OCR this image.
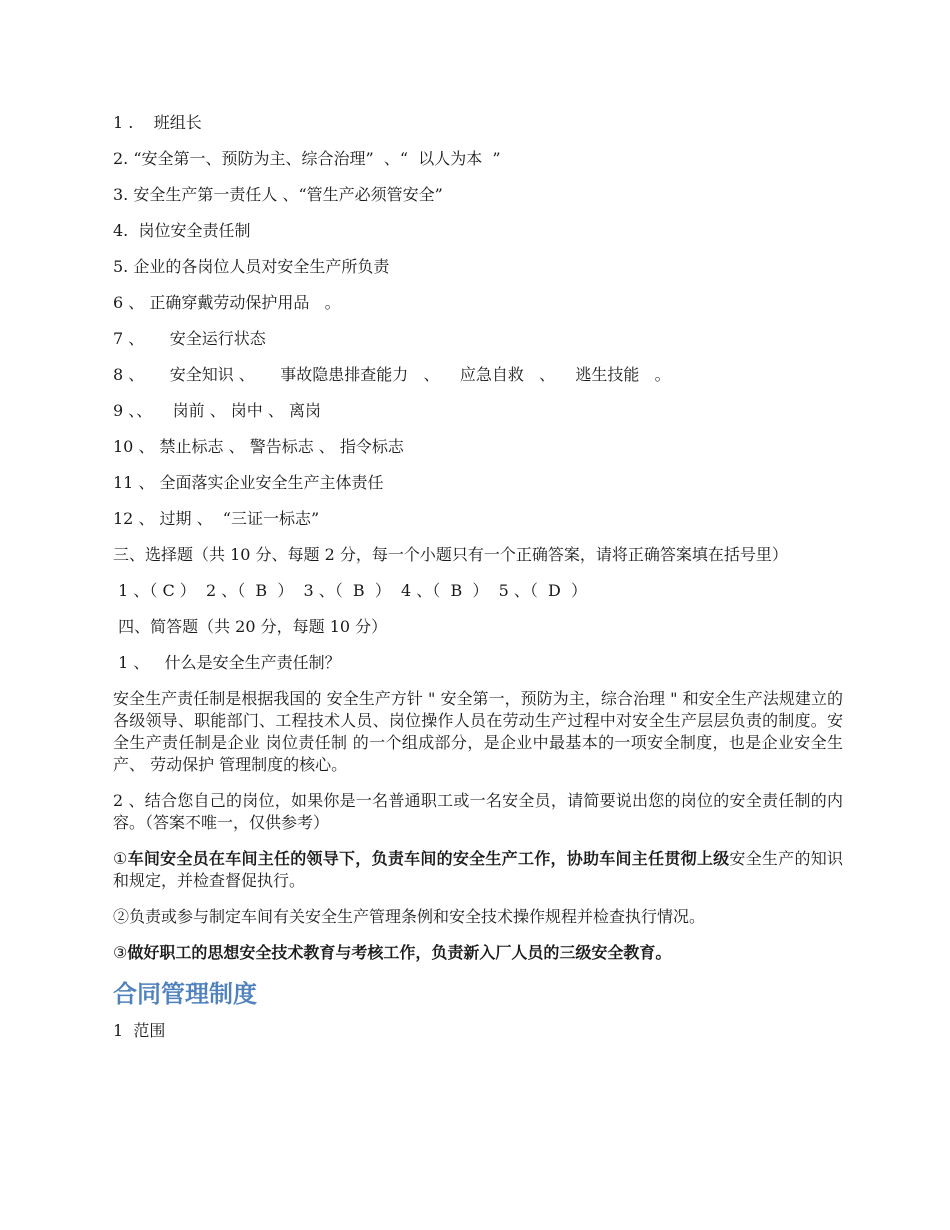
1 .    班组长
2. “安全第一、预防为主、综合治理”  、“  以人为本  ”
3. 安全生产第一责任人 、“管生产必须管安全”
4.  岗位安全责任制
5. 企业的各岗位人员对安全生产所负责
6 、 正确穿戴劳动保护用品   。
7 、     安全运行状态
8 、     安全知识 、     事故隐患排查能力   、    应急自救   、    逃生技能   。
9 、、    岗前 、 岗中 、 离岗
10 、 禁止标志 、 警告标志 、 指令标志
11 、 全面落实企业安全生产主体责任
12 、 过期 、  “三证一标志”
三、选择题（共 10 分、每题 2 分，每一个小题只有一个正确答案，请将正确答案填在括号里）
1 、（ C ）  2 、（  B  ）  3 、（  B  ）  4 、（  B  ）  5 、（  D  ）
四、简答题（共 20 分，每题 10 分）
1 、   什么是安全生产责任制？
安全生产责任制是根据我国的 安全生产方针 " 安全第一，预防为主，综合治理 " 和安全生产法规建立的各级领导、职能部门、工程技术人员、岗位操作人员在劳动生产过程中对安全生产层层负责的制度。安全生产责任制是企业 岗位责任制 的一个组成部分，是企业中最基本的一项安全制度，也是企业安全生产、 劳动保护 管理制度的核心。
2 、结合您自己的岗位，如果你是一名普通职工或一名安全员，请简要说出您的岗位的安全责任制的内容。（答案不唯一，仅供参考）
①车间安全员在车间主任的领导下，负责车间的安全生产工作，协助车间主任贯彻上级安全生产的知识和规定，并检查督促执行。
②负责或参与制定车间有关安全生产管理条例和安全技术操作规程并检查执行情况。
③做好职工的思想安全技术教育与考核工作，负责新入厂人员的三级安全教育。
合同管理制度
1  范围
